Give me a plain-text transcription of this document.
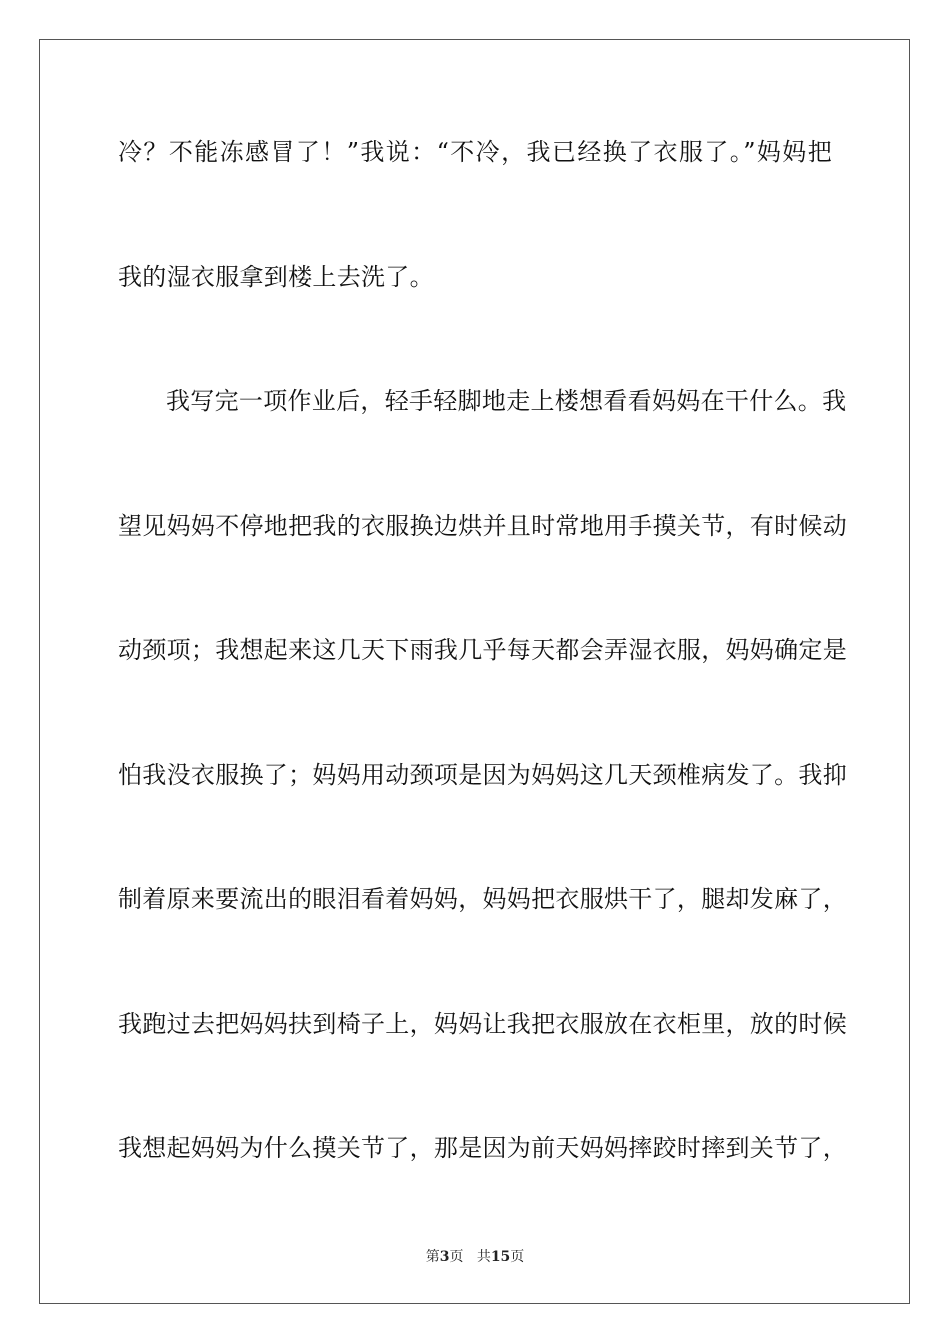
冷？不能冻感冒了！”我说：“不冷，我已经换了衣服了。”妈妈把
我的湿衣服拿到楼上去洗了。
我写完一项作业后，轻手轻脚地走上楼想看看妈妈在干什么。我
望见妈妈不停地把我的衣服换边烘并且时常地用手摸关节，有时候动
动颈项；我想起来这几天下雨我几乎每天都会弄湿衣服，妈妈确定是
怕我没衣服换了；妈妈用动颈项是因为妈妈这几天颈椎病发了。我抑
制着原来要流出的眼泪看着妈妈，妈妈把衣服烘干了，腿却发麻了，
我跑过去把妈妈扶到椅子上，妈妈让我把衣服放在衣柜里，放的时候
我想起妈妈为什么摸关节了，那是因为前天妈妈摔跤时摔到关节了，
第3页 共15页
